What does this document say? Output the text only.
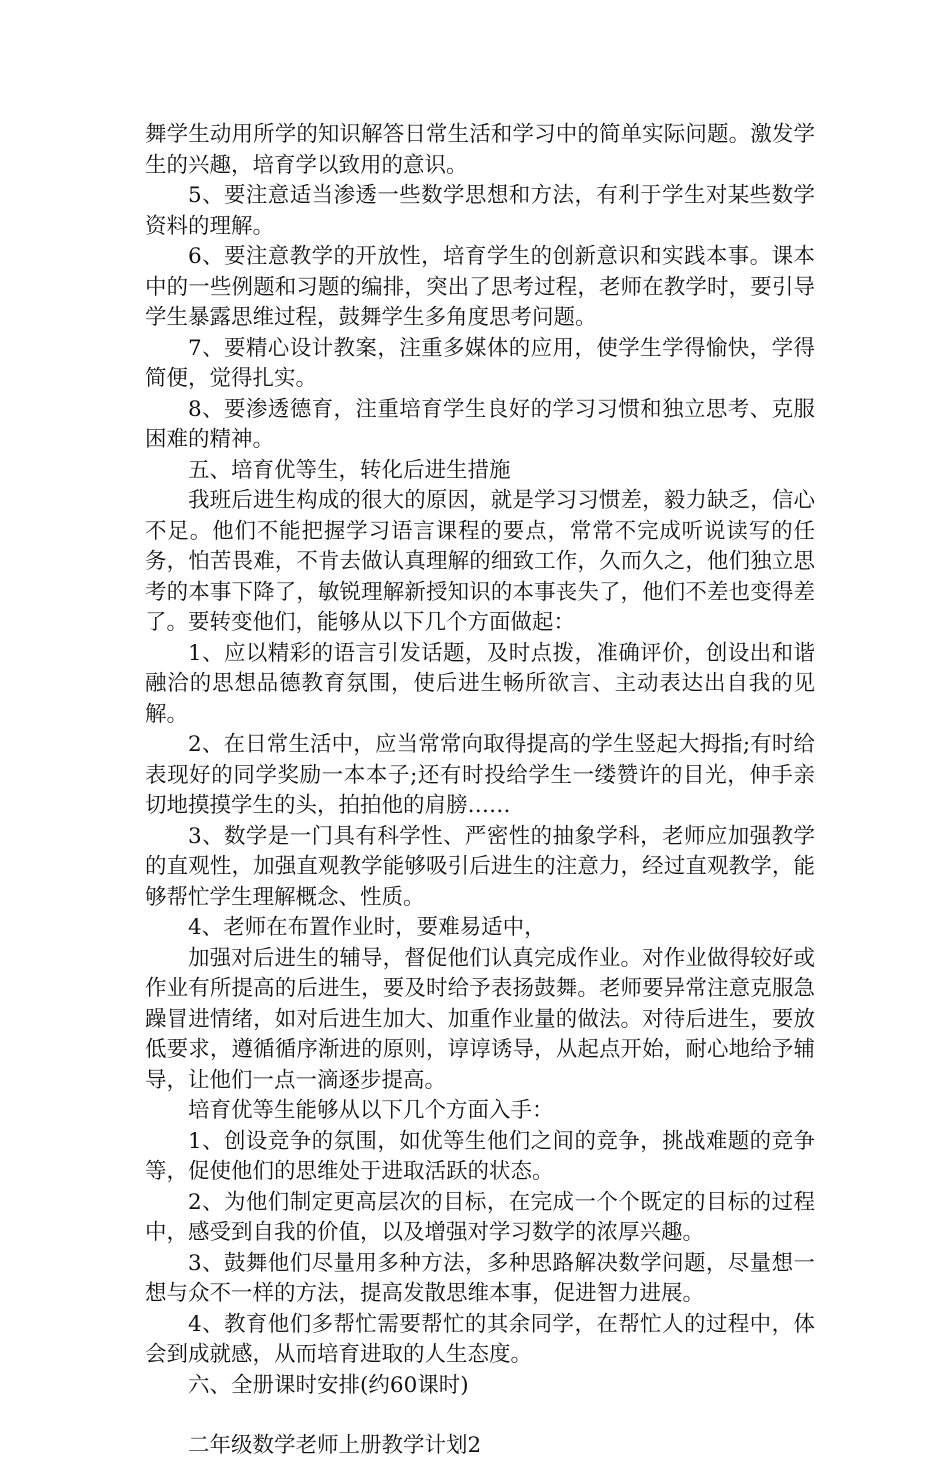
舞学生动用所学的知识解答日常生活和学习中的简单实际问题。激发学生的兴趣，培育学以致用的意识。

5、要注意适当渗透一些数学思想和方法，有利于学生对某些数学资料的理解。

6、要注意教学的开放性，培育学生的创新意识和实践本事。课本中的一些例题和习题的编排，突出了思考过程，老师在教学时，要引导学生暴露思维过程，鼓舞学生多角度思考问题。

7、要精心设计教案，注重多媒体的应用，使学生学得愉快，学得简便，觉得扎实。

8、要渗透德育，注重培育学生良好的学习习惯和独立思考、克服困难的精神。

五、培育优等生，转化后进生措施

我班后进生构成的很大的原因，就是学习习惯差，毅力缺乏，信心不足。他们不能把握学习语言课程的要点，常常不完成听说读写的任务，怕苦畏难，不肯去做认真理解的细致工作，久而久之，他们独立思考的本事下降了，敏锐理解新授知识的本事丧失了，他们不差也变得差了。要转变他们，能够从以下几个方面做起：

1、应以精彩的语言引发话题，及时点拨，准确评价，创设出和谐融洽的思想品德教育氛围，使后进生畅所欲言、主动表达出自我的见解。

2、在日常生活中，应当常常向取得提高的学生竖起大拇指;有时给表现好的同学奖励一本本子;还有时投给学生一缕赞许的目光，伸手亲切地摸摸学生的头，拍拍他的肩膀……

3、数学是一门具有科学性、严密性的抽象学科，老师应加强教学的直观性，加强直观教学能够吸引后进生的注意力，经过直观教学，能够帮忙学生理解概念、性质。

4、老师在布置作业时，要难易适中，

加强对后进生的辅导，督促他们认真完成作业。对作业做得较好或作业有所提高的后进生，要及时给予表扬鼓舞。老师要异常注意克服急躁冒进情绪，如对后进生加大、加重作业量的做法。对待后进生，要放低要求，遵循循序渐进的原则，谆谆诱导，从起点开始，耐心地给予辅导，让他们一点一滴逐步提高。

培育优等生能够从以下几个方面入手：

1、创设竞争的氛围，如优等生他们之间的竞争，挑战难题的竞争等，促使他们的思维处于进取活跃的状态。

2、为他们制定更高层次的目标，在完成一个个既定的目标的过程中，感受到自我的价值，以及增强对学习数学的浓厚兴趣。

3、鼓舞他们尽量用多种方法，多种思路解决数学问题，尽量想一想与众不一样的方法，提高发散思维本事，促进智力进展。

4、教育他们多帮忙需要帮忙的其余同学，在帮忙人的过程中，体会到成就感，从而培育进取的人生态度。

六、全册课时安排(约60课时)

二年级数学老师上册教学计划2
